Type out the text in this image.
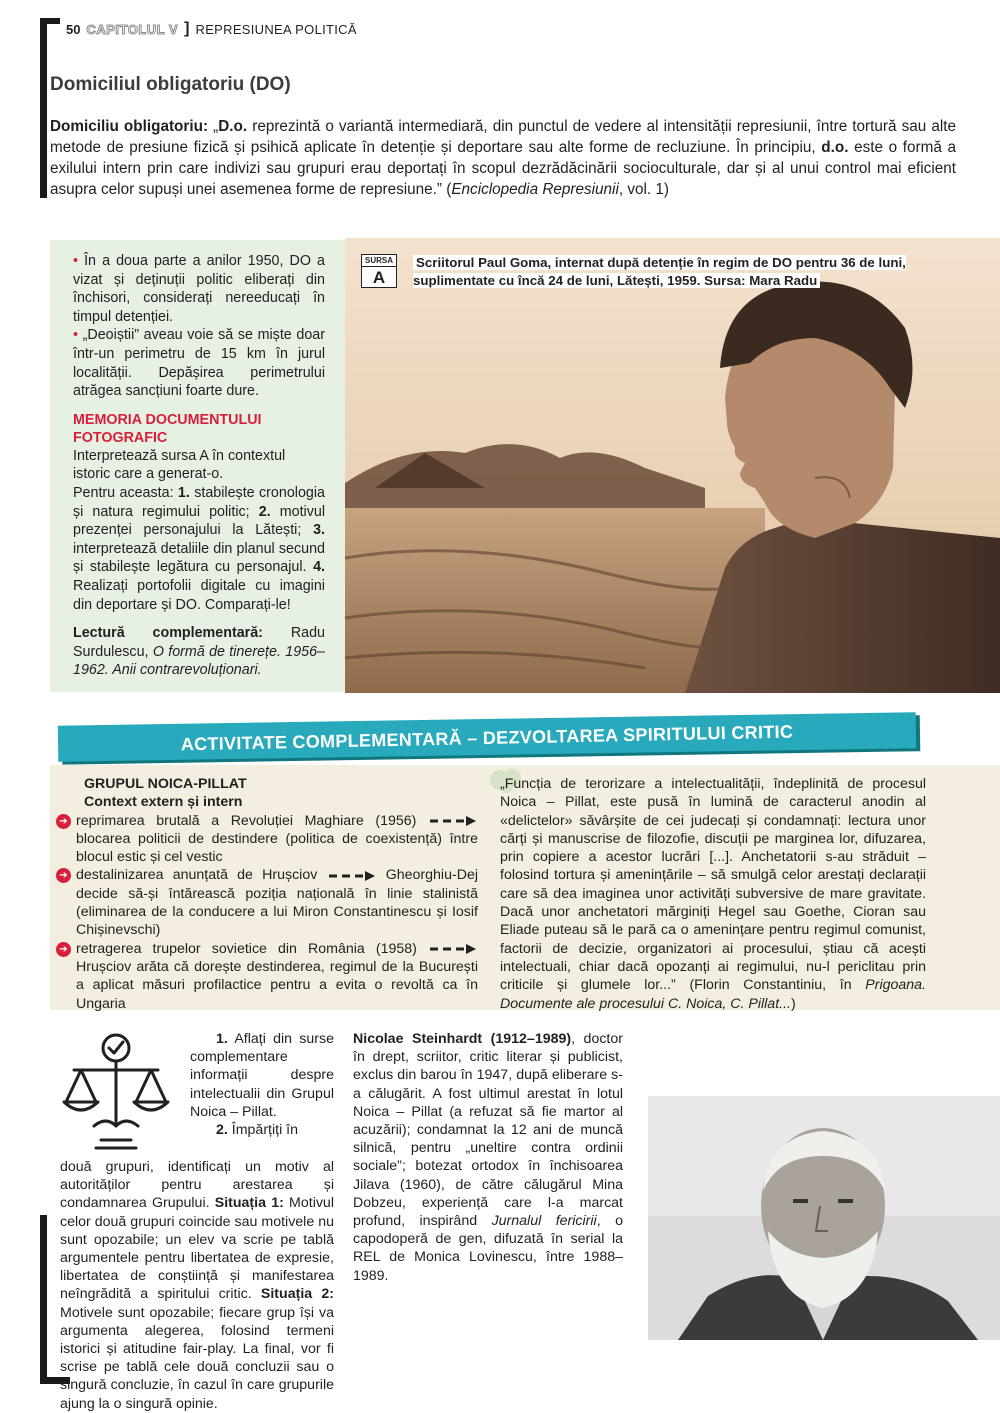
50 CAPITOLUL V ] REPRESIUNEA POLITICĂ
Domiciliul obligatoriu (DO)

Domiciliu obligatoriu: „D.o. reprezintă o variantă intermediară, din punctul de vedere al intensității represiunii, între tortură sau alte metode de presiune fizică și psihică aplicate în detenție și deportare sau alte forme de recluziune. În principiu, d.o. este o formă a exilului intern prin care indivizi sau grupuri erau deportați în scopul dezrădăcinării socioculturale, dar și al unui control mai eficient asupra celor supuși unei asemenea forme de represiune.” (Enciclopedia Represiunii, vol. 1)

• În a doua parte a anilor 1950, DO a vizat și deținuții politic eliberați din închisori, considerați nereeducați în timpul detenției.

• „Deoiștii” aveau voie să se miște doar într-un perimetru de 15 km în jurul localității. Depășirea perimetrului atrăgea sancțiuni foarte dure.

MEMORIA DOCUMENTULUI FOTOGRAFIC

Interpretează sursa A în contextul istoric care a generat-o.

Pentru aceasta: 1. stabilește cronologia și natura regimului politic; 2. motivul prezenței personajului la Lătești; 3. interpretează detaliile din planul secund și stabilește legătura cu personajul. 4. Realizați portofolii digitale cu imagini din deportare și DO. Comparați-le!

Lectură complementară: Radu Surdulescu, O formă de tinerețe. 1956–1962. Anii contrarevoluționari.

SURSA
A
Scriitorul Paul Goma, internat după detenție în regim de DO pentru 36 de luni, suplimentate cu încă 24 de luni, Lătești, 1959. Sursa: Mara Radu
ACTIVITATE COMPLEMENTARĂ – DEZVOLTAREA SPIRITULUI CRITIC
GRUPUL NOICA-PILLAT
Context extern și intern
➔ reprimarea brutală a Revoluției Maghiare (1956)  blocarea politicii de destindere (politica de coexistență) între blocul estic și cel vestic
➔ destalinizarea anunțată de Hrușciov	Gheorghiu-Dej decide să-și întărească poziția națională în linie stalinistă (eliminarea de la conducere a lui Miron Constantinescu și Iosif Chișinevschi)
➔ retragerea trupelor sovietice din România (1958)  Hrușciov arăta că dorește destinderea, regimul de la București a aplicat măsuri profilactice pentru a evita o revoltă ca în Ungaria
„Funcția de terorizare a intelectualității, îndeplinită de procesul Noica – Pillat, este pusă în lumină de caracterul anodin al «delictelor» săvârșite de cei judecați și condamnați: lectura unor cărți și manuscrise de filozofie, discuții pe marginea lor, difuzarea, prin copiere a acestor lucrări [...]. Anchetatorii s-au străduit – folosind tortura și amenințările – să smulgă celor arestați declarații care să dea imaginea unor activități subversive de mare gravitate. Dacă unor anchetatori mărginiți Hegel sau Goethe, Cioran sau Eliade puteau să le pară ca o amenințare pentru regimul comunist, factorii de decizie, organizatori ai procesului, știau că acești intelectuali, chiar dacă opozanți ai regimului, nu-l periclitau prin criticile și glumele lor...” (Florin Constantiniu, în Prigoana. Documente ale procesului C. Noica, C. Pillat...)

1. Aflați din surse complementare informații despre intelectualii din Grupul Noica – Pillat.

2. Împărțiți în

două grupuri, identificați un motiv al autorităților pentru arestarea și condamnarea Grupului. Situația 1: Motivul celor două grupuri coincide sau motivele nu sunt opozabile; un elev va scrie pe tablă argumentele pentru libertatea de expresie, libertatea de conștiință și manifestarea neîngrădită a spiritului critic. Situația 2: Motivele sunt opozabile; fiecare grup își va argumenta alegerea, folosind termeni istorici și atitudine fair-play. La final, vor fi scrise pe tablă cele două concluzii sau o singură concluzie, în cazul în care grupurile ajung la o singură opinie.
Nicolae Steinhardt (1912–1989), doctor în drept, scriitor, critic literar și publicist, exclus din barou în 1947, după eliberare s-a călugărit. A fost ultimul arestat în lotul Noica – Pillat (a refuzat să fie martor al acuzării); condamnat la 12 ani de muncă silnică, pentru „uneltire contra ordinii sociale”; botezat ortodox în închisoarea Jilava (1960), de către călugărul Mina Dobzeu, experiență care l-a marcat profund, inspirând Jurnalul fericirii, o capodoperă de gen, difuzată în serial la REL de Monica Lovinescu, între 1988–1989.
